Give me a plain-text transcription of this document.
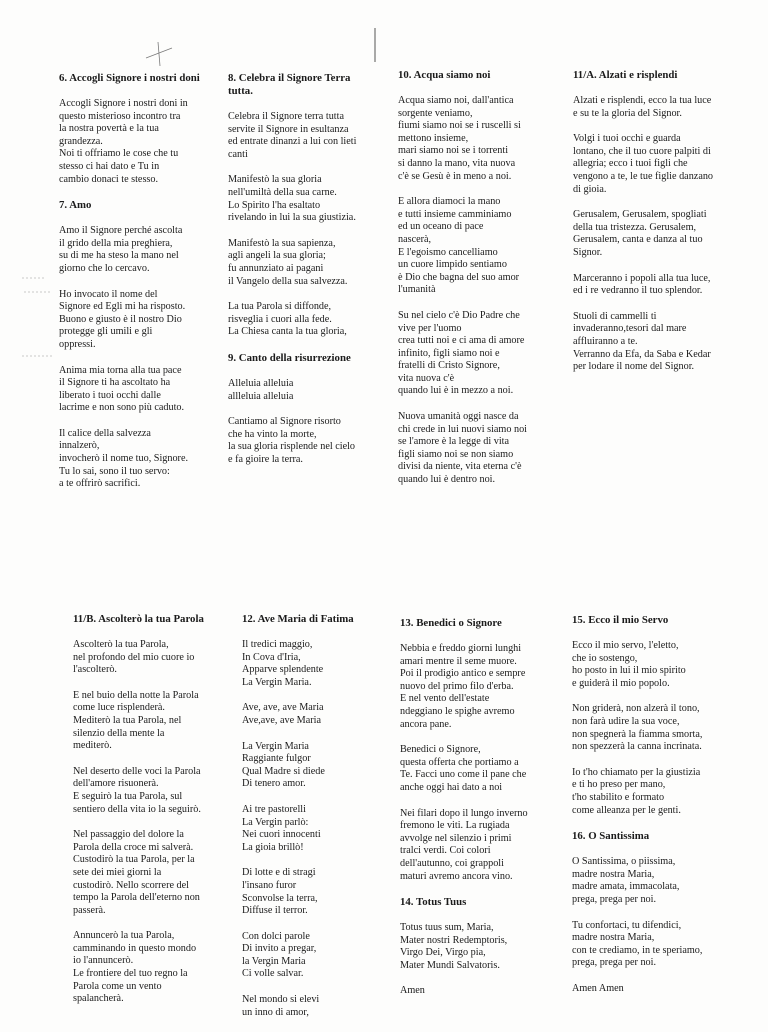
6. Accogli Signore i nostri doni

Accogli Signore i nostri doni in
questo misterioso incontro tra
la nostra povertà e la tua
grandezza.
Noi ti offriamo le cose che tu
stesso ci hai dato e Tu in
cambio donaci te stesso.

7. Amo

Amo il Signore perché ascolta
il grido della mia preghiera,
su di me ha steso la mano nel
giorno che lo cercavo.

Ho invocato il nome del
Signore ed Egli mi ha risposto.
Buono e giusto è il nostro Dio
protegge gli umili e gli
oppressi.

Anima mia torna alla tua pace
il Signore ti ha ascoltato ha
liberato i tuoi occhi dalle
lacrime e non sono più caduto.

Il calice della salvezza
innalzerò,
invocherò il nome tuo, Signore.
Tu lo sai, sono il tuo servo:
a te offrirò sacrifici.

8. Celebra il Signore Terra tutta.

Celebra il Signore terra tutta
servite il Signore in esultanza
ed entrate dinanzi a lui con lieti
canti

Manifestò la sua gloria
nell'umiltà della sua carne.
Lo Spirito l'ha esaltato
rivelando in lui la sua giustizia.

Manifestò la sua sapienza,
agli angeli la sua gloria;
fu annunziato ai pagani
il Vangelo della sua salvezza.

La tua Parola si diffonde,
risveglia i cuori alla fede.
La Chiesa canta la tua gloria,

9. Canto della risurrezione

Alleluia alleluia
allleluia alleluia

Cantiamo al Signore risorto
che ha vinto la morte,
la sua gloria risplende nel cielo
e fa gioire la terra.

10. Acqua siamo noi

Acqua siamo noi, dall'antica
sorgente veniamo,
fiumi siamo noi se i ruscelli si
mettono insieme,
mari siamo noi se i torrenti
si danno la mano, vita nuova
c'è se Gesù è in meno a noi.

E allora diamoci la mano
e tutti insieme camminiamo
ed un oceano di pace
nascerà,
E l'egoismo cancelliamo
un cuore limpido sentiamo
è Dio che bagna del suo amor
l'umanità

Su nel cielo c'è Dio Padre che
vive per l'uomo
crea tutti noi e ci ama di amore
infinito, figli siamo noi e
fratelli di Cristo Signore,
vita nuova c'è
quando lui è in mezzo a noi.

Nuova umanità oggi nasce da
chi crede in lui nuovi siamo noi
se l'amore è la legge di vita
figli siamo noi se non siamo
divisi da niente, vita eterna c'è
quando lui è dentro noi.

11/A. Alzati e risplendi

Alzati e risplendi, ecco la tua luce
e su te la gloria del Signor.

Volgi i tuoi occhi e guarda
lontano, che il tuo cuore palpiti di
allegria; ecco i tuoi figli che
vengono a te, le tue figlie danzano
di gioia.

Gerusalem, Gerusalem, spogliati
della tua tristezza. Gerusalem,
Gerusalem, canta e danza al tuo
Signor.

Marceranno i popoli alla tua luce,
ed i re vedranno il tuo splendor.

Stuoli di cammelli ti
invaderanno,tesori dal mare
affluiranno a te.
Verranno da Efa, da Saba e Kedar
per lodare il nome del Signor.

11/B. Ascolterò la tua Parola

Ascolterò la tua Parola,
nel profondo del mio cuore io
l'ascolterò.

E nel buio della notte la Parola
come luce risplenderà.
Mediterò la tua Parola, nel
silenzio della mente la
mediterò.

Nel deserto delle voci la Parola
dell'amore risuonerà.
E seguirò la tua Parola, sul
sentiero della vita io la seguirò.

Nel passaggio del dolore la
Parola della croce mi salverà.
Custodirò la tua Parola, per la
sete dei miei giorni la
custodirò. Nello scorrere del
tempo la Parola dell'eterno non
passerà.

Annuncerò la tua Parola,
camminando in questo mondo
io l'annuncerò.
Le frontiere del tuo regno la
Parola come un vento
spalancherà.

12. Ave Maria di Fatima

Il tredici maggio,
In Cova d'Iria,
Apparve splendente
La Vergin Maria.

Ave, ave, ave Maria
Ave,ave, ave Maria

La Vergin Maria
Raggiante fulgor
Qual Madre si diede
Di tenero amor.

Ai tre pastorelli
La Vergin parlò:
Nei cuori innocenti
La gioia brillò!

Di lotte e di stragi
l'insano furor
Sconvolse la terra,
Diffuse il terror.

Con dolci parole
Di invito a pregar,
la Vergin Maria
Ci volle salvar.

Nel mondo si elevi
un inno di amor,

13. Benedici o Signore

Nebbia e freddo giorni lunghi
amari mentre il seme muore.
Poi il prodigio antico e sempre
nuovo del primo filo d'erba.
E nel vento dell'estate
ndeggiano le spighe avremo
ancora pane.

Benedici o Signore,
questa offerta che portiamo a
Te. Facci uno come il pane che
anche oggi hai dato a noi

Nei filari dopo il lungo inverno
fremono le viti. La rugiada
avvolge nel silenzio i primi
tralci verdi. Coi colori
dell'autunno, coi grappoli
maturi avremo ancora vino.

14. Totus Tuus

Totus tuus sum, Maria,
Mater nostri Redemptoris,
Virgo Dei, Virgo pia,
Mater Mundi Salvatoris.

Amen

15. Ecco il mio Servo

Ecco il mio servo, l'eletto,
che io sostengo,
ho posto in lui il mio spirito
e guiderà il mio popolo.

Non griderà, non alzerà il tono,
non farà udire la sua voce,
non spegnerà la fiamma smorta,
non spezzerà la canna incrinata.

Io t'ho chiamato per la giustizia
e ti ho preso per mano,
t'ho stabilito e formato
come alleanza per le genti.

16. O Santissima

O Santissima, o piissima,
madre nostra Maria,
madre amata, immacolata,
prega, prega per noi.

Tu confortaci, tu difendici,
madre nostra Maria,
con te crediamo, in te speriamo,
prega, prega per noi.

Amen Amen
